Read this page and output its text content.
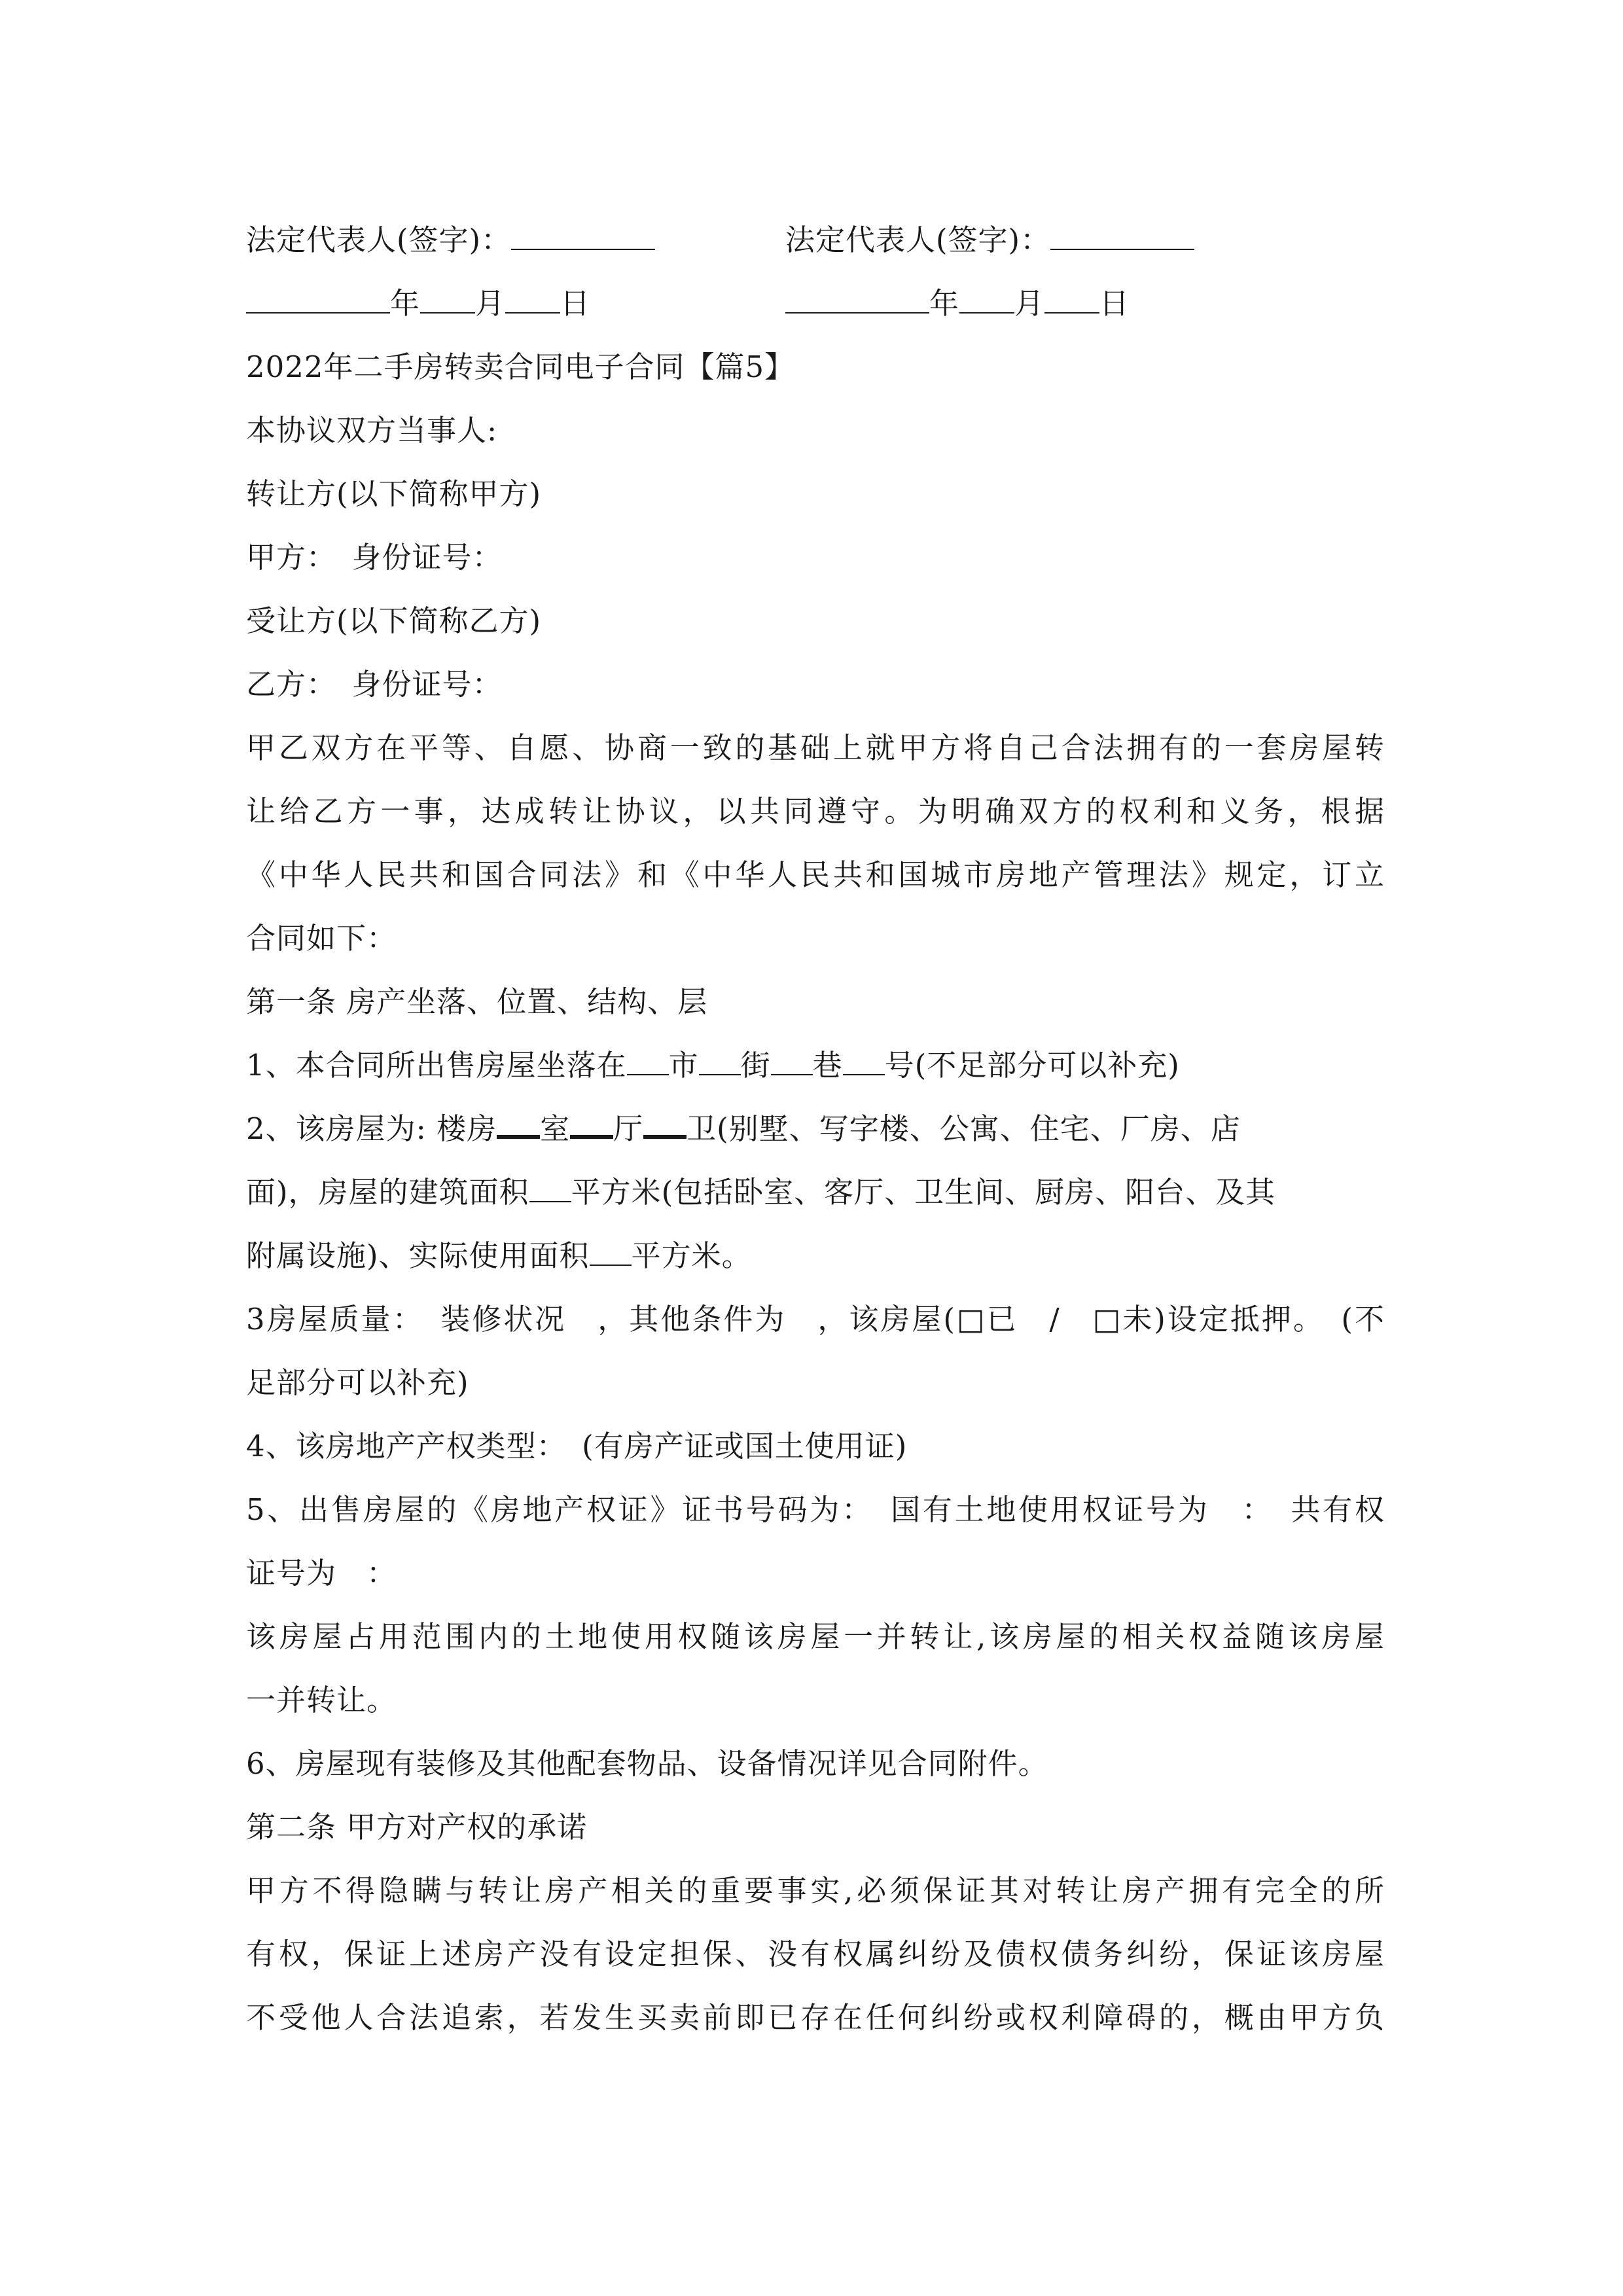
法定代表人(签字)：	法定代表人(签字)：
年 月 日	年 月 日
2022年二手房转卖合同电子合同【篇5】
本协议双方当事人:
转让方(以下简称甲方)
甲方：　身份证号：
受让方(以下简称乙方)
乙方：　身份证号：
甲乙双方在平等、自愿、协商一致的基础上就甲方将自己合法拥有的一套房屋转
让给乙方一事，达成转让协议，以共同遵守。为明确双方的权利和义务，根据
《中华人民共和国合同法》和《中华人民共和国城市房地产管理法》规定，订立
合同如下：
第一条 房产坐落、位置、结构、层
1、本合同所出售房屋坐落在 市 街 巷 号(不足部分可以补充)
2、该房屋为: 楼房 室 厅 卫(别墅、写字楼、公寓、住宅、厂房、店
面)，房屋的建筑面积 平方米(包括卧室、客厅、卫生间、厨房、阳台、及其
附属设施)、实际使用面积 平方米。
3房屋质量：　装修状况　，其他条件为　，该房屋(□已　/　□未)设定抵押。　(不
足部分可以补充)
4、该房地产产权类型：　(有房产证或国土使用证)
5、出售房屋的《房地产权证》证书号码为：　国有土地使用权证号为　：　共有权
证号为　：
该房屋占用范围内的土地使用权随该房屋一并转让,该房屋的相关权益随该房屋
一并转让。
6、房屋现有装修及其他配套物品、设备情况详见合同附件。
第二条 甲方对产权的承诺
甲方不得隐瞒与转让房产相关的重要事实,必须保证其对转让房产拥有完全的所
有权，保证上述房产没有设定担保、没有权属纠纷及债权债务纠纷，保证该房屋
不受他人合法追索，若发生买卖前即已存在任何纠纷或权利障碍的，概由甲方负
